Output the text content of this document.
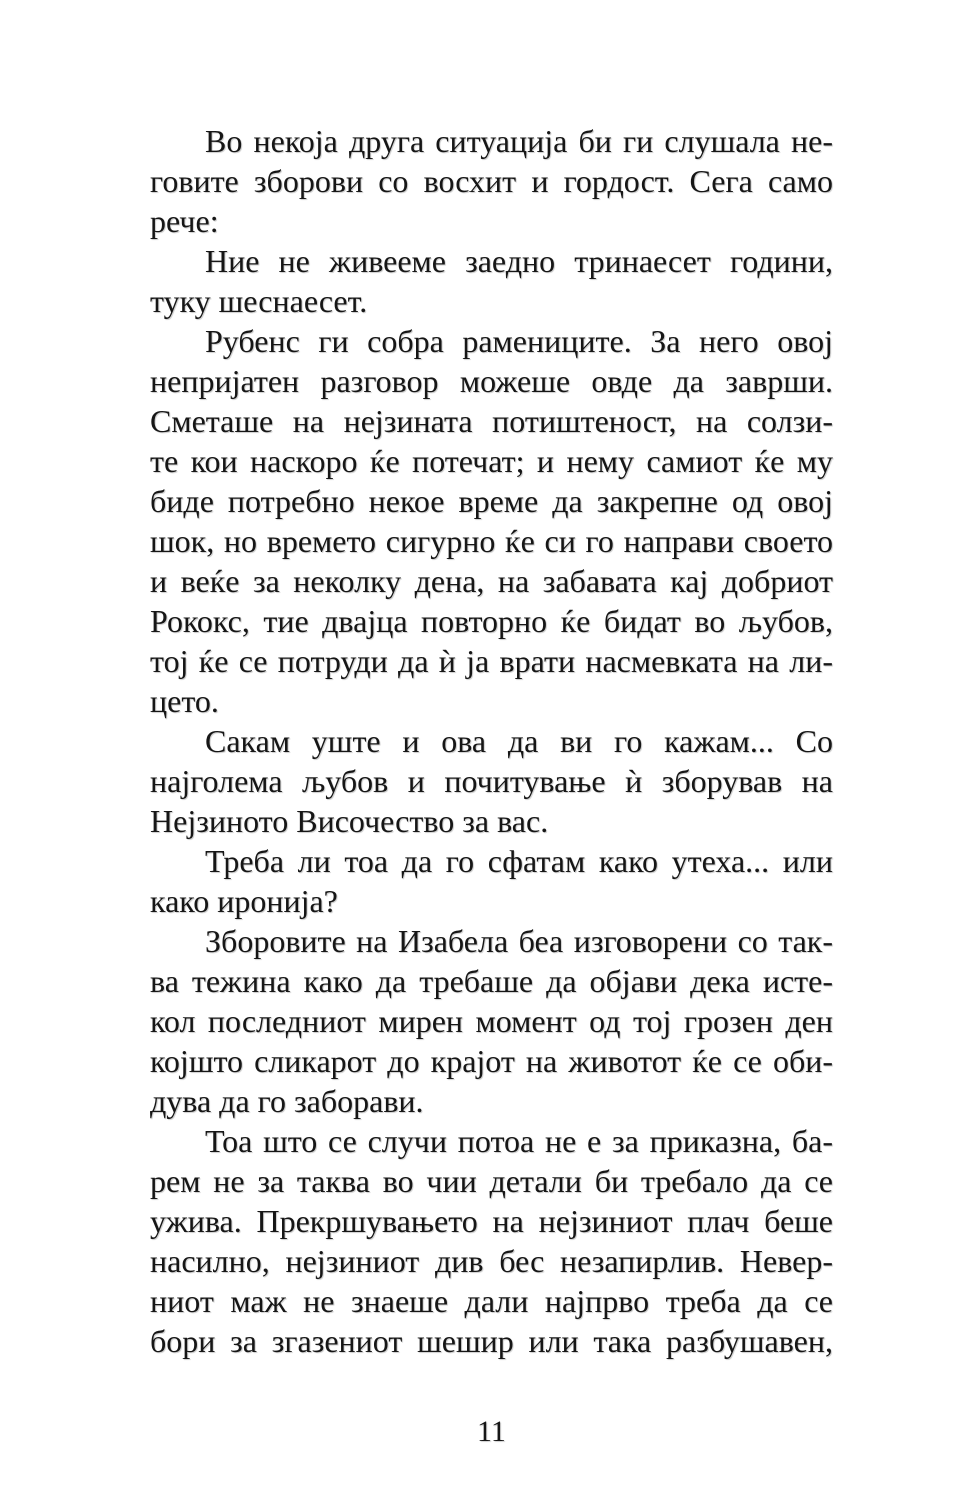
Во некоја друга ситуација би ги слушала не-
говите зборови со восхит и гордост. Сега само
рече:
Ние не живееме заедно тринаесет години,
туку шеснаесет.
Рубенс ги собра рамениците. За него овој
непријатен разговор можеше овде да заврши.
Сметаше на нејзината потиштеност, на солзи-
те кои наскоро ќе потечат; и нему самиот ќе му
биде потребно некое време да закрепне од овој
шок, но времето сигурно ќе си го направи своето
и веќе за неколку дена, на забавата кај добриот
Рококс, тие двајца повторно ќе бидат во љубов,
тој ќе се потруди да ѝ ја врати насмевката на ли-
цето.
Сакам уште и ова да ви го кажам... Со
најголема љубов и почитување ѝ зборував на
Нејзиното Височество за вас.
Треба ли тоа да го сфатам како утеха... или
како иронија?
Зборовите на Изабела беа изговорени со так-
ва тежина како да требаше да објави дека исте-
кол последниот мирен момент од тој грозен ден
којшто сликарот до крајот на животот ќе се оби-
дува да го заборави.
Тоа што се случи потоа не е за приказна, ба-
рем не за таква во чии детали би требало да се
ужива. Прекршувањето на нејзиниот плач беше
насилно, нејзиниот див бес незапирлив. Невер-
ниот маж не знаеше дали најпрво треба да се
бори за згазениот шешир или така разбушавен,
11
